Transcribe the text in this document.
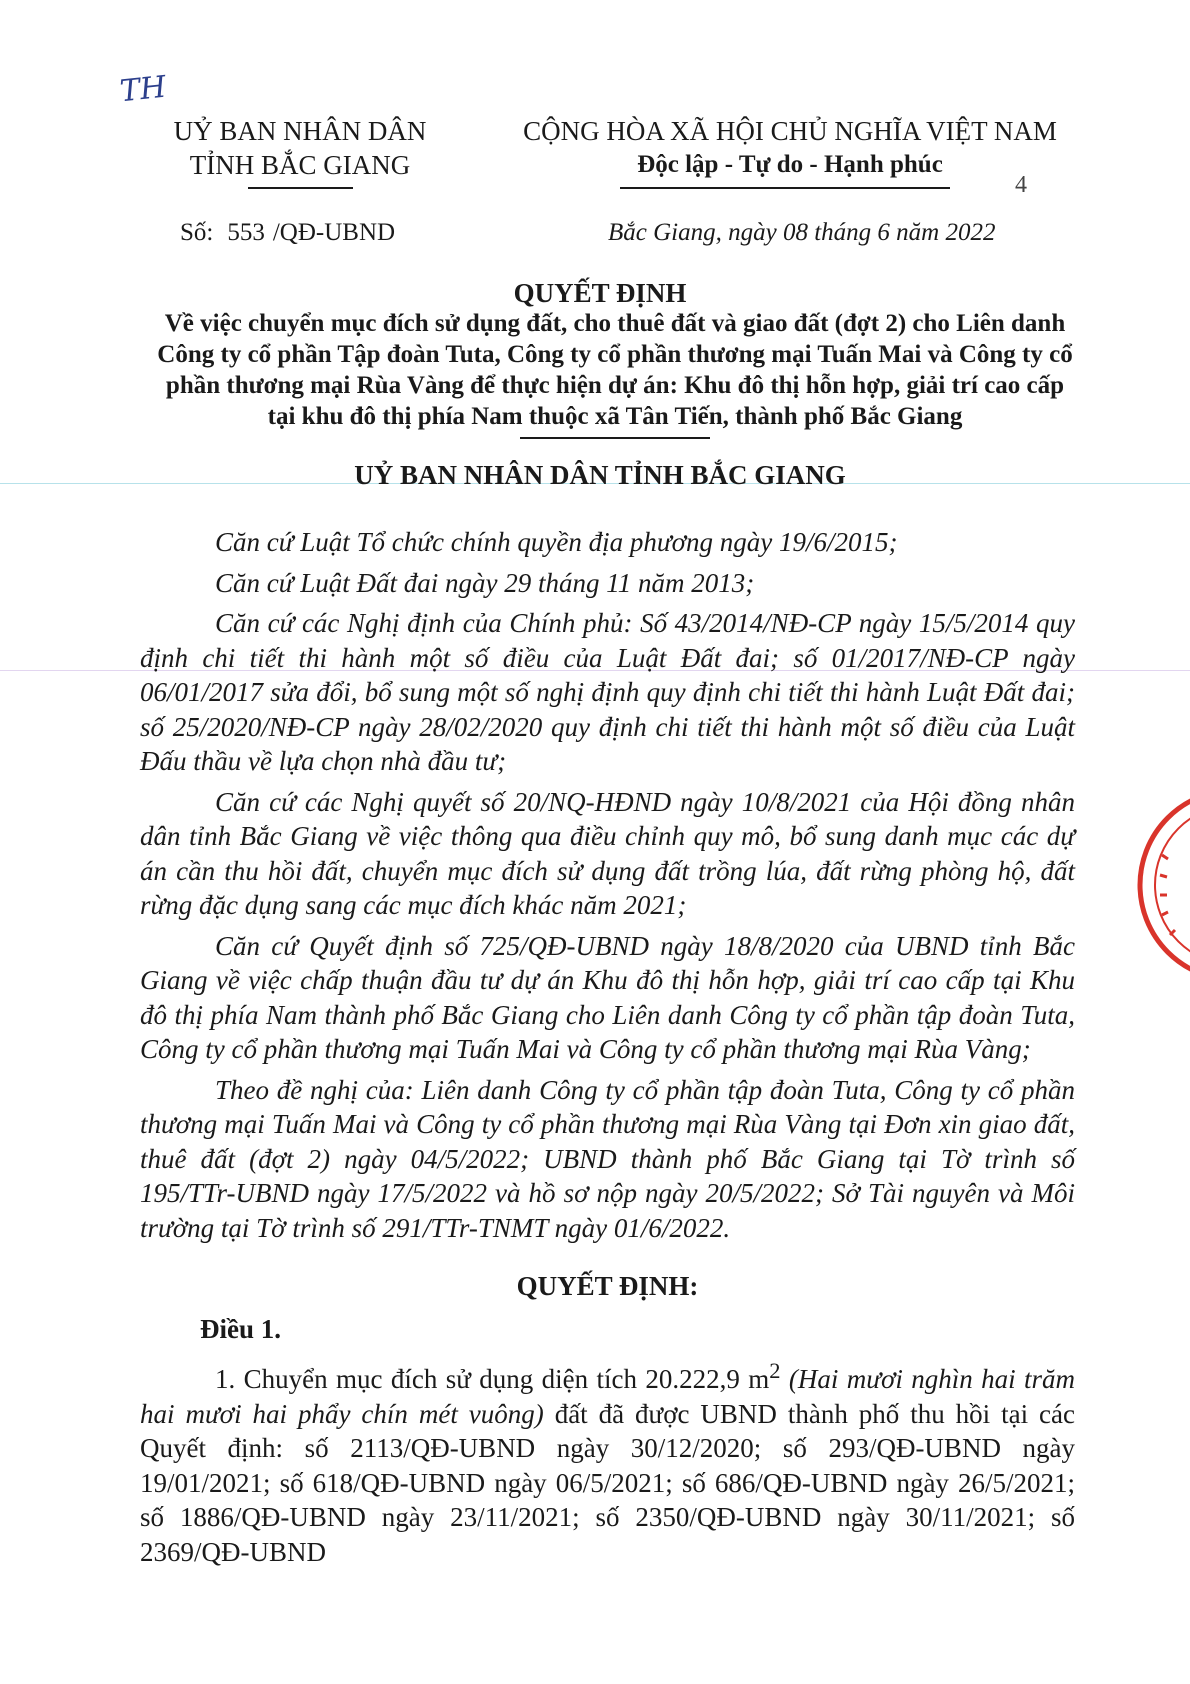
TH
UỶ BAN NHÂN DÂN
TỈNH BẮC GIANG
CỘNG HÒA XÃ HỘI CHỦ NGHĨA VIỆT NAM
Độc lập - Tự do - Hạnh phúc
4
Số: 553 /QĐ-UBND	Bắc Giang, ngày 08 tháng 6 năm 2022
QUYẾT ĐỊNH
Về việc chuyển mục đích sử dụng đất, cho thuê đất và giao đất (đợt 2) cho Liên danh Công ty cổ phần Tập đoàn Tuta, Công ty cổ phần thương mại Tuấn Mai và Công ty cổ phần thương mại Rùa Vàng để thực hiện dự án: Khu đô thị hỗn hợp, giải trí cao cấp tại khu đô thị phía Nam thuộc xã Tân Tiến, thành phố Bắc Giang
UỶ BAN NHÂN DÂN TỈNH BẮC GIANG

Căn cứ Luật Tổ chức chính quyền địa phương ngày 19/6/2015;

Căn cứ Luật Đất đai ngày 29 tháng 11 năm 2013;

Căn cứ các Nghị định của Chính phủ: Số 43/2014/NĐ-CP ngày 15/5/2014 quy định chi tiết thi hành một số điều của Luật Đất đai; số 01/2017/NĐ-CP ngày 06/01/2017 sửa đổi, bổ sung một số nghị định quy định chi tiết thi hành Luật Đất đai; số 25/2020/NĐ-CP ngày 28/02/2020 quy định chi tiết thi hành một số điều của Luật Đấu thầu về lựa chọn nhà đầu tư;

Căn cứ các Nghị quyết số 20/NQ-HĐND ngày 10/8/2021 của Hội đồng nhân dân tỉnh Bắc Giang về việc thông qua điều chỉnh quy mô, bổ sung danh mục các dự án cần thu hồi đất, chuyển mục đích sử dụng đất trồng lúa, đất rừng phòng hộ, đất rừng đặc dụng sang các mục đích khác năm 2021;

Căn cứ Quyết định số 725/QĐ-UBND ngày 18/8/2020 của UBND tỉnh Bắc Giang về việc chấp thuận đầu tư dự án Khu đô thị hỗn hợp, giải trí cao cấp tại Khu đô thị phía Nam thành phố Bắc Giang cho Liên danh Công ty cổ phần tập đoàn Tuta, Công ty cổ phần thương mại Tuấn Mai và Công ty cổ phần thương mại Rùa Vàng;

Theo đề nghị của: Liên danh Công ty cổ phần tập đoàn Tuta, Công ty cổ phần thương mại Tuấn Mai và Công ty cổ phần thương mại Rùa Vàng tại Đơn xin giao đất, thuê đất (đợt 2) ngày 04/5/2022; UBND thành phố Bắc Giang tại Tờ trình số 195/TTr-UBND ngày 17/5/2022 và hồ sơ nộp ngày 20/5/2022; Sở Tài nguyên và Môi trường tại Tờ trình số 291/TTr-TNMT ngày 01/6/2022.

QUYẾT ĐỊNH:

Điều 1.

1. Chuyển mục đích sử dụng diện tích 20.222,9 $m^2$ (Hai mươi nghìn hai trăm hai mươi hai phẩy chín mét vuông) đất đã được UBND thành phố thu hồi tại các Quyết định: số 2113/QĐ-UBND ngày 30/12/2020; số 293/QĐ-UBND ngày 19/01/2021; số 618/QĐ-UBND ngày 06/5/2021; số 686/QĐ-UBND ngày 26/5/2021; số 1886/QĐ-UBND ngày 23/11/2021; số 2350/QĐ-UBND ngày 30/11/2021; số 2369/QĐ-UBND
